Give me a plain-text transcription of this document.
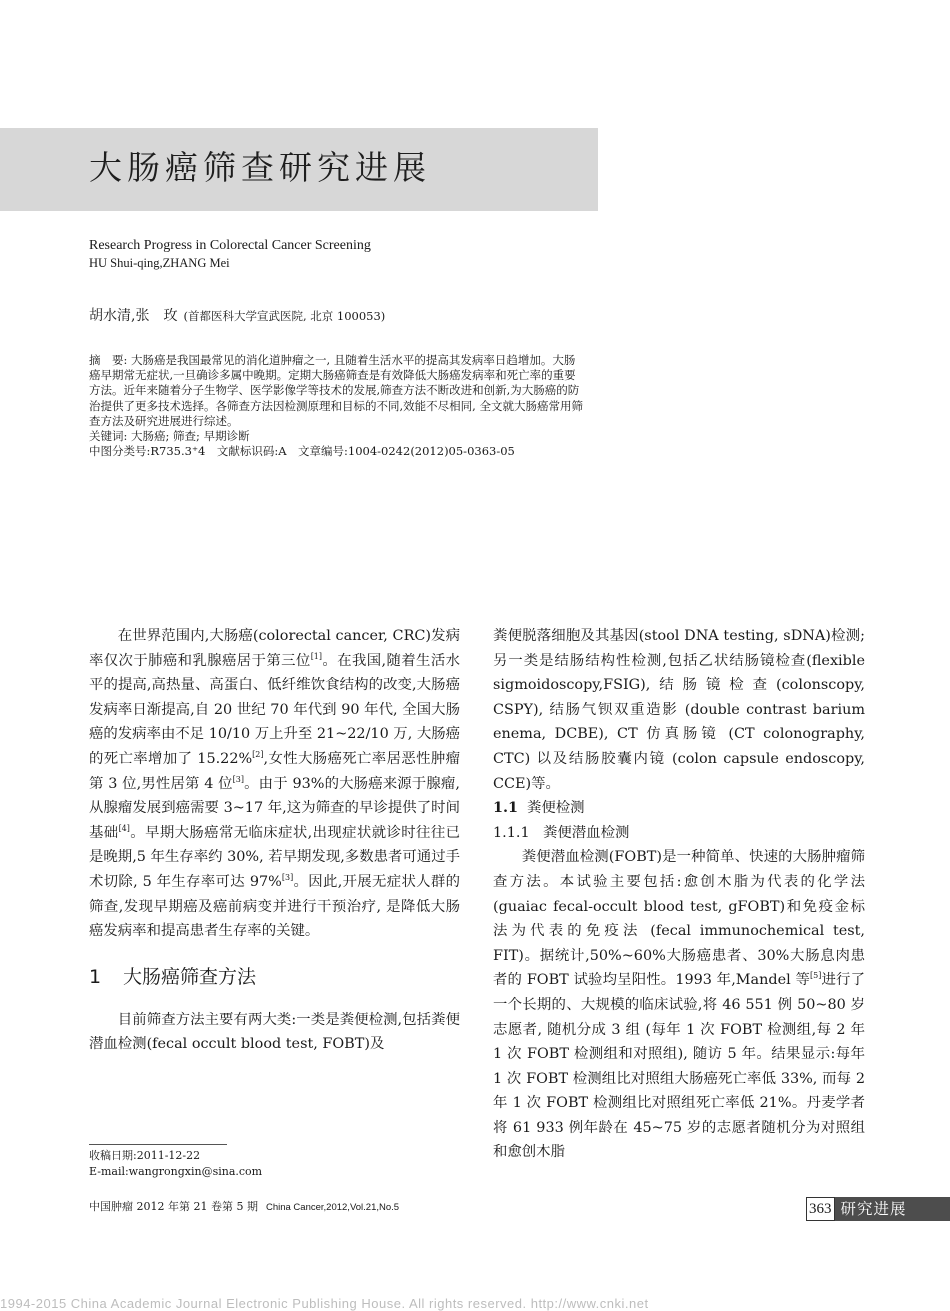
大肠癌筛查研究进展
Research Progress in Colorectal Cancer Screening
HU Shui-qing,ZHANG Mei
胡水清,张　玫 (首都医科大学宣武医院, 北京 100053)

摘　要: 大肠癌是我国最常见的消化道肿瘤之一, 且随着生活水平的提高其发病率日趋增加。大肠癌早期常无症状,一旦确诊多属中晚期。定期大肠癌筛查是有效降低大肠癌发病率和死亡率的重要方法。近年来随着分子生物学、医学影像学等技术的发展,筛查方法不断改进和创新,为大肠癌的防治提供了更多技术选择。各筛查方法因检测原理和目标的不同,效能不尽相同, 全文就大肠癌常用筛查方法及研究进展进行综述。

关键词: 大肠癌; 筛查; 早期诊断

中图分类号:R735.3⁺4　文献标识码:A　文章编号:1004-0242(2012)05-0363-05

在世界范围内,大肠癌(colorectal cancer, CRC)发病率仅次于肺癌和乳腺癌居于第三位[1]。在我国,随着生活水平的提高,高热量、高蛋白、低纤维饮食结构的改变,大肠癌发病率日渐提高,自 20 世纪 70 年代到 90 年代, 全国大肠癌的发病率由不足 10/10 万上升至 21~22/10 万, 大肠癌的死亡率增加了 15.22%[2],女性大肠癌死亡率居恶性肿瘤第 3 位,男性居第 4 位[3]。由于 93%的大肠癌来源于腺瘤,从腺瘤发展到癌需要 3~17 年,这为筛查的早诊提供了时间基础[4]。早期大肠癌常无临床症状,出现症状就诊时往往已是晚期,5 年生存率约 30%, 若早期发现,多数患者可通过手术切除, 5 年生存率可达 97%[3]。因此,开展无症状人群的筛查,发现早期癌及癌前病变并进行干预治疗, 是降低大肠癌发病率和提高患者生存率的关键。

1 大肠癌筛查方法

目前筛查方法主要有两大类:一类是粪便检测,包括粪便潜血检测(fecal occult blood test, FOBT)及

粪便脱落细胞及其基因(stool DNA testing, sDNA)检测;另一类是结肠结构性检测,包括乙状结肠镜检查(flexible sigmoidoscopy,FSIG),结肠镜检查(colonscopy, CSPY), 结肠气钡双重造影 (double contrast barium enema, DCBE), CT 仿真肠镜 (CT colonography, CTC) 以及结肠胶囊内镜 (colon capsule endoscopy, CCE)等。

1.1 粪便检测

1.1.1 粪便潜血检测

粪便潜血检测(FOBT)是一种简单、快速的大肠肿瘤筛查方法。本试验主要包括:愈创木脂为代表的化学法(guaiac fecal-occult blood test, gFOBT)和免疫金标法为代表的免疫法 (fecal immunochemical test, FIT)。据统计,50%~60%大肠癌患者、30%大肠息肉患者的 FOBT 试验均呈阳性。1993 年,Mandel 等[5]进行了一个长期的、大规模的临床试验,将 46 551 例 50~80 岁志愿者, 随机分成 3 组 (每年 1 次 FOBT 检测组,每 2 年 1 次 FOBT 检测组和对照组), 随访 5 年。结果显示:每年 1 次 FOBT 检测组比对照组大肠癌死亡率低 33%, 而每 2 年 1 次 FOBT 检测组比对照组死亡率低 21%。丹麦学者将 61 933 例年龄在 45~75 岁的志愿者随机分为对照组和愈创木脂

收稿日期:2011-12-22
E-mail:wangrongxin@sina.com
中国肿瘤 2012 年第 21 卷第 5 期 China Cancer,2012,Vol.21,No.5	363 研究进展
1994-2015 China Academic Journal Electronic Publishing House. All rights reserved. http://www.cnki.net
